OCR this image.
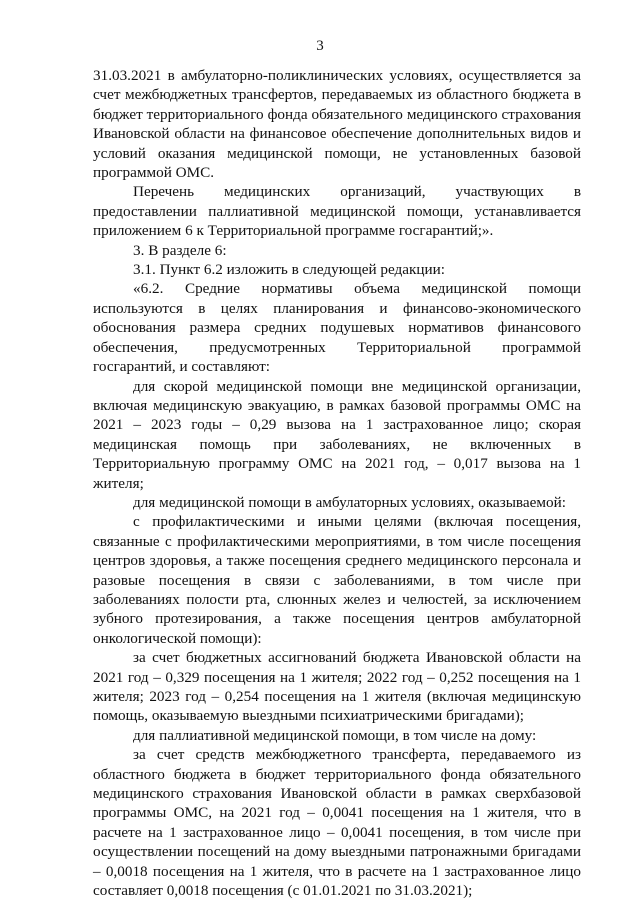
3

31.03.2021 в амбулаторно-поликлинических условиях, осуществляется за счет межбюджетных трансфертов, передаваемых из областного бюджета в бюджет территориального фонда обязательного медицинского страхования Ивановской области на финансовое обеспечение дополнительных видов и условий оказания медицинской помощи, не установленных базовой программой ОМС.

Перечень медицинских организаций, участвующих в предоставлении паллиативной медицинской помощи, устанавливается приложением 6 к Территориальной программе госгарантий;».

3. В разделе 6:

3.1. Пункт 6.2 изложить в следующей редакции:

«6.2. Средние нормативы объема медицинской помощи используются в целях планирования и финансово-экономического обоснования размера средних подушевых нормативов финансового обеспечения, предусмотренных Территориальной программой госгарантий, и составляют:

для скорой медицинской помощи вне медицинской организации, включая медицинскую эвакуацию, в рамках базовой программы ОМС на 2021 – 2023 годы – 0,29 вызова на 1 застрахованное лицо; скорая медицинская помощь при заболеваниях, не включенных в Территориальную программу ОМС на 2021 год, – 0,017 вызова на 1 жителя;

для медицинской помощи в амбулаторных условиях, оказываемой:

с профилактическими и иными целями (включая посещения, связанные с профилактическими мероприятиями, в том числе посещения центров здоровья, а также посещения среднего медицинского персонала и разовые посещения в связи с заболеваниями, в том числе при заболеваниях полости рта, слюнных желез и челюстей, за исключением зубного протезирования, а также посещения центров амбулаторной онкологической помощи):

за счет бюджетных ассигнований бюджета Ивановской области на 2021 год – 0,329 посещения на 1 жителя; 2022 год – 0,252 посещения на 1 жителя; 2023 год – 0,254 посещения на 1 жителя (включая медицинскую помощь, оказываемую выездными психиатрическими бригадами);

для паллиативной медицинской помощи, в том числе на дому:

за счет средств межбюджетного трансферта, передаваемого из областного бюджета в бюджет территориального фонда обязательного медицинского страхования Ивановской области в рамках сверхбазовой программы ОМС, на 2021 год – 0,0041 посещения на 1 жителя, что в расчете на 1 застрахованное лицо – 0,0041 посещения, в том числе при осуществлении посещений на дому выездными патронажными бригадами – 0,0018 посещения на 1 жителя, что в расчете на 1 застрахованное лицо составляет 0,0018 посещения (с 01.01.2021 по 31.03.2021);
